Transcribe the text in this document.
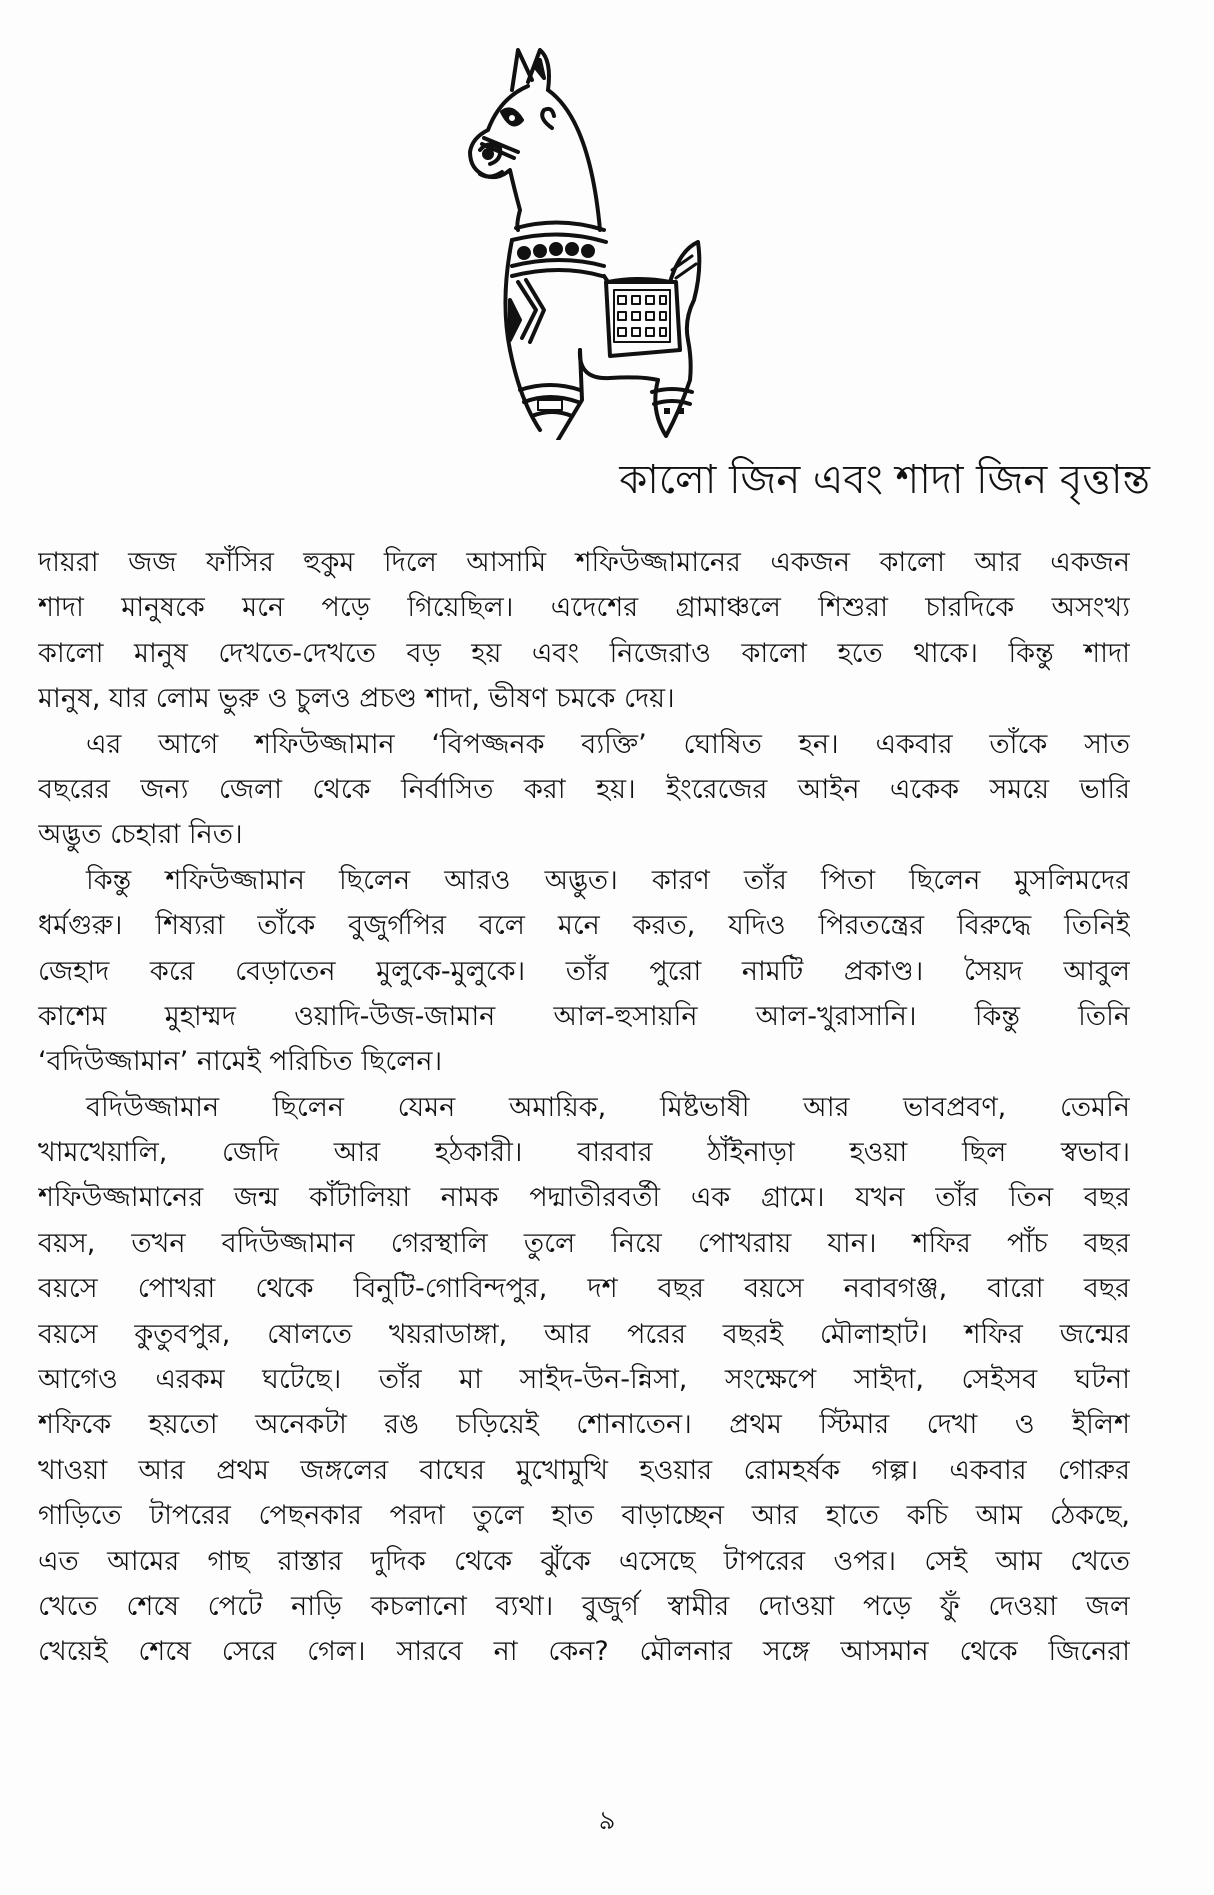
কালো জিন এবং শাদা জিন বৃত্তান্ত
দায়রা জজ ফাঁসির হুকুম দিলে আসামি শফিউজ্জামানের একজন কালো আর একজন
শাদা মানুষকে মনে পড়ে গিয়েছিল। এদেশের গ্রামাঞ্চলে শিশুরা চারদিকে অসংখ্য
কালো মানুষ দেখতে-দেখতে বড় হয় এবং নিজেরাও কালো হতে থাকে। কিন্তু শাদা
মানুষ, যার লোম ভুরু ও চুলও প্রচণ্ড শাদা, ভীষণ চমকে দেয়।
এর আগে শফিউজ্জামান ‘বিপজ্জনক ব্যক্তি’ ঘোষিত হন। একবার তাঁকে সাত
বছরের জন্য জেলা থেকে নির্বাসিত করা হয়। ইংরেজের আইন একেক সময়ে ভারি
অদ্ভুত চেহারা নিত।
কিন্তু শফিউজ্জামান ছিলেন আরও অদ্ভুত। কারণ তাঁর পিতা ছিলেন মুসলিমদের
ধর্মগুরু। শিষ্যরা তাঁকে বুজুর্গপির বলে মনে করত, যদিও পিরতন্ত্রের বিরুদ্ধে তিনিই
জেহাদ করে বেড়াতেন মুলুকে-মুলুকে। তাঁর পুরো নামটি প্রকাণ্ড। সৈয়দ আবুল
কাশেম মুহাম্মদ ওয়াদি-উজ-জামান আল-হুসায়নি আল-খুরাসানি। কিন্তু তিনি
‘বদিউজ্জামান’ নামেই পরিচিত ছিলেন।
বদিউজ্জামান ছিলেন যেমন অমায়িক, মিষ্টভাষী আর ভাবপ্রবণ, তেমনি
খামখেয়ালি, জেদি আর হঠকারী। বারবার ঠাঁইনাড়া হওয়া ছিল স্বভাব।
শফিউজ্জামানের জন্ম কাঁটালিয়া নামক পদ্মাতীরবর্তী এক গ্রামে। যখন তাঁর তিন বছর
বয়স, তখন বদিউজ্জামান গেরস্থালি তুলে নিয়ে পোখরায় যান। শফির পাঁচ বছর
বয়সে পোখরা থেকে বিনুটি-গোবিন্দপুর, দশ বছর বয়সে নবাবগঞ্জ, বারো বছর
বয়সে কুতুবপুর, ষোলতে খয়রাডাঙ্গা, আর পরের বছরই মৌলাহাট। শফির জন্মের
আগেও এরকম ঘটেছে। তাঁর মা সাইদ-উন-ন্নিসা, সংক্ষেপে সাইদা, সেইসব ঘটনা
শফিকে হয়তো অনেকটা রঙ চড়িয়েই শোনাতেন। প্রথম স্টিমার দেখা ও ইলিশ
খাওয়া আর প্রথম জঙ্গলের বাঘের মুখোমুখি হওয়ার রোমহর্ষক গল্প। একবার গোরুর
গাড়িতে টাপরের পেছনকার পরদা তুলে হাত বাড়াচ্ছেন আর হাতে কচি আম ঠেকছে,
এত আমের গাছ রাস্তার দুদিক থেকে ঝুঁকে এসেছে টাপরের ওপর। সেই আম খেতে
খেতে শেষে পেটে নাড়ি কচলানো ব্যথা। বুজুর্গ স্বামীর দোওয়া পড়ে ফুঁ দেওয়া জল
খেয়েই শেষে সেরে গেল। সারবে না কেন? মৌলনার সঙ্গে আসমান থেকে জিনেরা
৯
